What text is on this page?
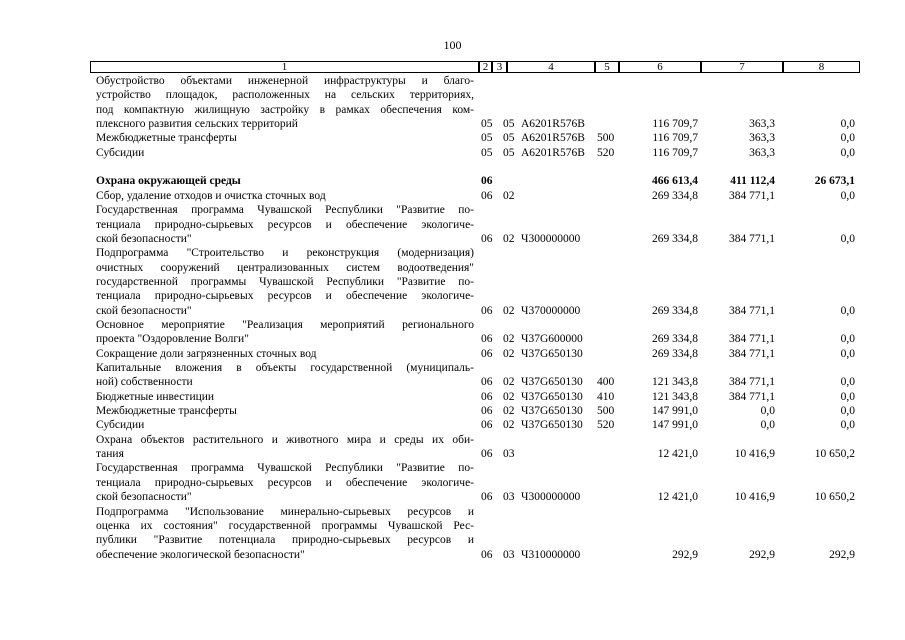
100
1	2 3	4	5	6	7	8
Обустройство объектами инженерной инфраструктуры и благо-
устройство площадок, расположенных на сельских территориях,
под компактную жилищную застройку в рамках обеспечения ком-
плексного развития сельских территорий	05 05 А6201R576В	116 709,7	363,3	0,0
Межбюджетные трансферты	05 05 А6201R576В 500	116 709,7	363,3	0,0
Субсидии	05 05 А6201R576В 520	116 709,7	363,3	0,0
Охрана окружающей среды	06	466 613,4	411 112,4	26 673,1
Сбор, удаление отходов и очистка сточных вод	06 02	269 334,8	384 771,1	0,0
Государственная программа Чувашской Республики "Развитие по-
тенциала природно-сырьевых ресурсов и обеспечение экологиче-
ской безопасности"	06 02 Ч300000000	269 334,8	384 771,1	0,0
Подпрограмма "Строительство и реконструкция (модернизация)
очистных сооружений централизованных систем водоотведения"
государственной программы Чувашской Республики "Развитие по-
тенциала природно-сырьевых ресурсов и обеспечение экологиче-
ской безопасности"	06 02 Ч370000000	269 334,8	384 771,1	0,0
Основное мероприятие "Реализация мероприятий регионального
проекта "Оздоровление Волги"	06 02 Ч37G600000	269 334,8	384 771,1	0,0
Сокращение доли загрязненных сточных вод	06 02 Ч37G650130	269 334,8	384 771,1	0,0
Капитальные вложения в объекты государственной (муниципаль-
ной) собственности	06 02 Ч37G650130 400	121 343,8	384 771,1	0,0
Бюджетные инвестиции	06 02 Ч37G650130 410	121 343,8	384 771,1	0,0
Межбюджетные трансферты	06 02 Ч37G650130 500	147 991,0	0,0	0,0
Субсидии	06 02 Ч37G650130 520	147 991,0	0,0	0,0
Охрана объектов растительного и животного мира и среды их оби-
тания	06 03	12 421,0	10 416,9	10 650,2
Государственная программа Чувашской Республики "Развитие по-
тенциала природно-сырьевых ресурсов и обеспечение экологиче-
ской безопасности"	06 03 Ч300000000	12 421,0	10 416,9	10 650,2
Подпрограмма "Использование минерально-сырьевых ресурсов и
оценка их состояния" государственной программы Чувашской Рес-
публики "Развитие потенциала природно-сырьевых ресурсов и
обеспечение экологической безопасности"	06 03 Ч310000000	292,9	292,9	292,9
